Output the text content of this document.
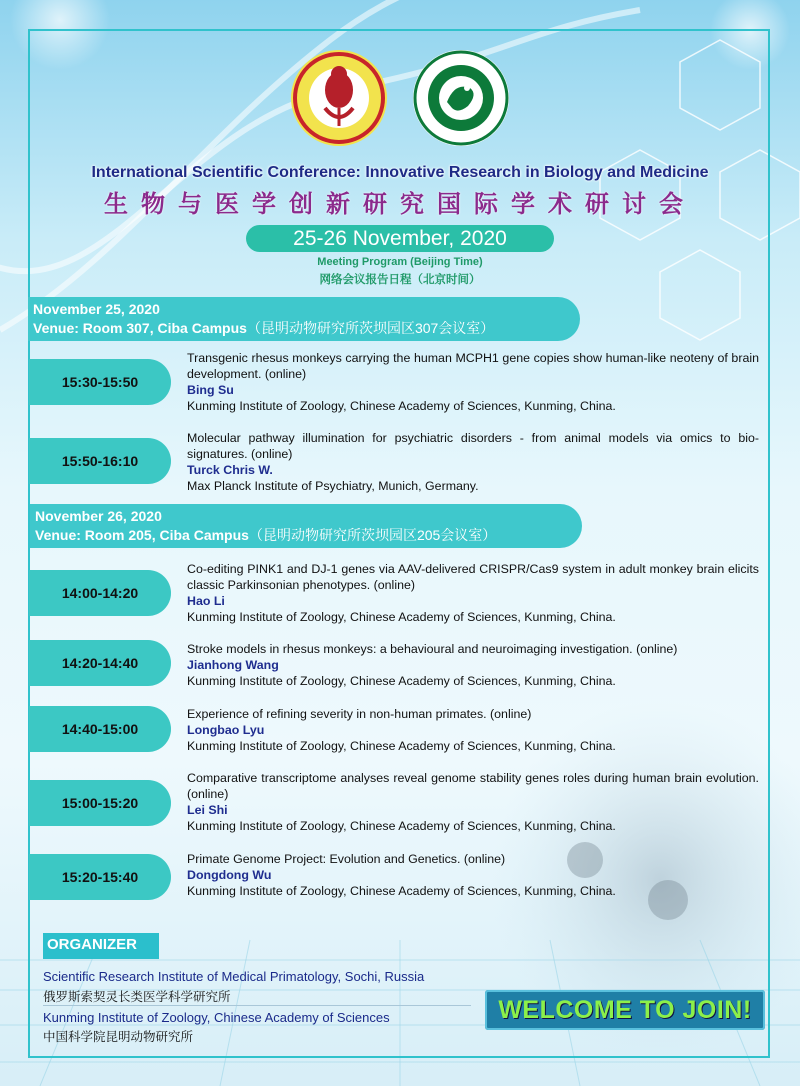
International Scientific Conference: Innovative Research in Biology and Medicine
生物与医学创新研究国际学术研讨会
25-26 November, 2020
Meeting Program (Beijing Time)
网络会议报告日程（北京时间）
November 25, 2020
Venue: Room 307, Ciba Campus（昆明动物研究所茨坝园区307会议室）
15:30-15:50
Transgenic rhesus monkeys carrying the human MCPH1 gene copies show human-like neoteny of brain development. (online)
Bing Su
Kunming Institute of Zoology, Chinese Academy of Sciences, Kunming, China.
15:50-16:10
Molecular pathway illumination for psychiatric disorders - from animal models via omics to bio-signatures. (online)
Turck Chris W.
Max Planck Institute of Psychiatry, Munich, Germany.
November 26, 2020
Venue: Room 205, Ciba Campus（昆明动物研究所茨坝园区205会议室）
14:00-14:20
Co-editing PINK1 and DJ-1 genes via AAV-delivered CRISPR/Cas9 system in adult monkey brain elicits classic Parkinsonian phenotypes. (online)
Hao Li
Kunming Institute of Zoology, Chinese Academy of Sciences, Kunming, China.
14:20-14:40
Stroke models in rhesus monkeys: a behavioural and neuroimaging investigation. (online)
Jianhong Wang
Kunming Institute of Zoology, Chinese Academy of Sciences, Kunming, China.
14:40-15:00
Experience of refining severity in non-human primates. (online)
Longbao Lyu
Kunming Institute of Zoology, Chinese Academy of Sciences, Kunming, China.
15:00-15:20
Comparative transcriptome analyses reveal genome stability genes roles during human brain evolution. (online)
Lei Shi
Kunming Institute of Zoology, Chinese Academy of Sciences, Kunming, China.
15:20-15:40
Primate Genome Project: Evolution and Genetics. (online)
Dongdong Wu
Kunming Institute of Zoology, Chinese Academy of Sciences, Kunming, China.
ORGANIZER
Scientific Research Institute of Medical Primatology, Sochi, Russia
俄罗斯索契灵长类医学科学研究所
Kunming Institute of Zoology, Chinese Academy of Sciences
中国科学院昆明动物研究所
WELCOME TO JOIN!
